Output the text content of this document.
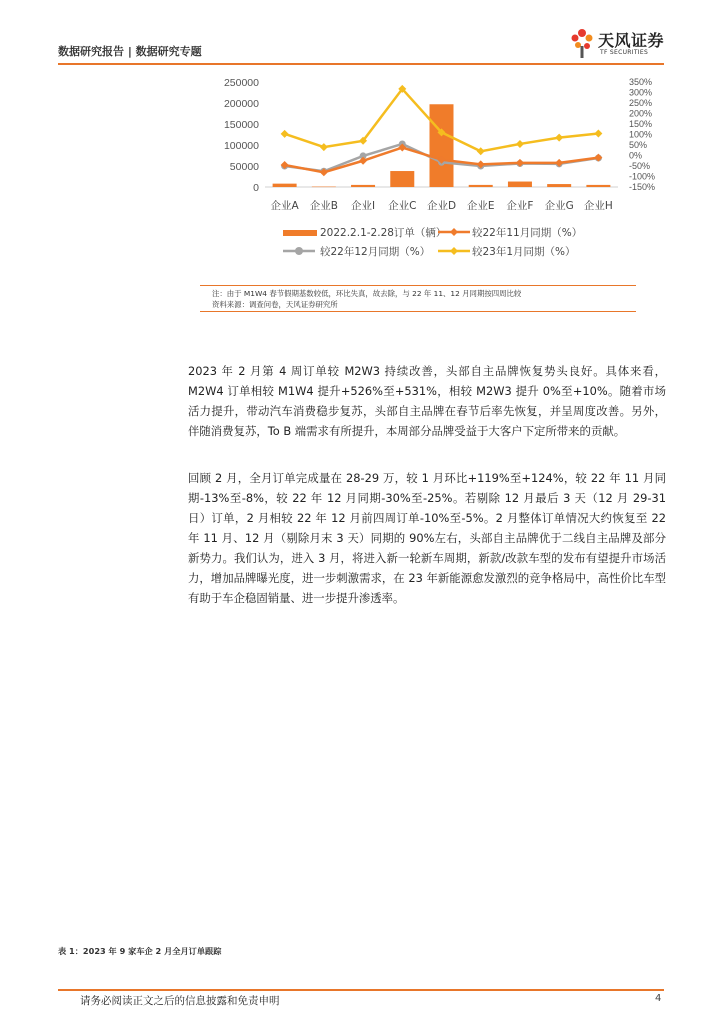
数据研究报告 | 数据研究专题
天风证券
TF SECURITIES
250000
200000
150000
100000
50000
0
350%
300%
250%
200%
150%
100%
50%
0%
-50%
-100%
-150%
企业A 企业B 企业I 企业C 企业D 企业E 企业F 企业G 企业H
2022.2.1-2.28订单（辆） 较22年11月同期（%）
较22年12月同期（%）	较23年1月同期（%）
注：由于 M1W4 春节假期基数较低，环比失真，故去除，与 22 年 11、12 月同期按四周比较
资料来源：调查问卷，天风证券研究所
2023 年 2 月第 4 周订单较 M2W3 持续改善，头部自主品牌恢复势头良好。具体来看，M2W4 订单相较 M1W4 提升+526%至+531%，相较 M2W3 提升 0%至+10%。随着市场活力提升，带动汽车消费稳步复苏，头部自主品牌在春节后率先恢复，并呈周度改善。另外，伴随消费复苏，To B 端需求有所提升，本周部分品牌受益于大客户下定所带来的贡献。
回顾 2 月，全月订单完成量在 28-29 万，较 1 月环比+119%至+124%，较 22 年 11 月同期-13%至-8%，较 22 年 12 月同期-30%至-25%。若剔除 12 月最后 3 天（12 月 29-31 日）订单，2 月相较 22 年 12 月前四周订单-10%至-5%。2 月整体订单情况大约恢复至 22 年 11 月、12 月（剔除月末 3 天）同期的 90%左右，头部自主品牌优于二线自主品牌及部分新势力。我们认为，进入 3 月，将进入新一轮新车周期，新款/改款车型的发布有望提升市场活力，增加品牌曝光度，进一步刺激需求，在 23 年新能源愈发激烈的竞争格局中，高性价比车型有助于车企稳固销量、进一步提升渗透率。
表 1：2023 年 9 家车企 2 月全月订单跟踪
请务必阅读正文之后的信息披露和免责申明	4
